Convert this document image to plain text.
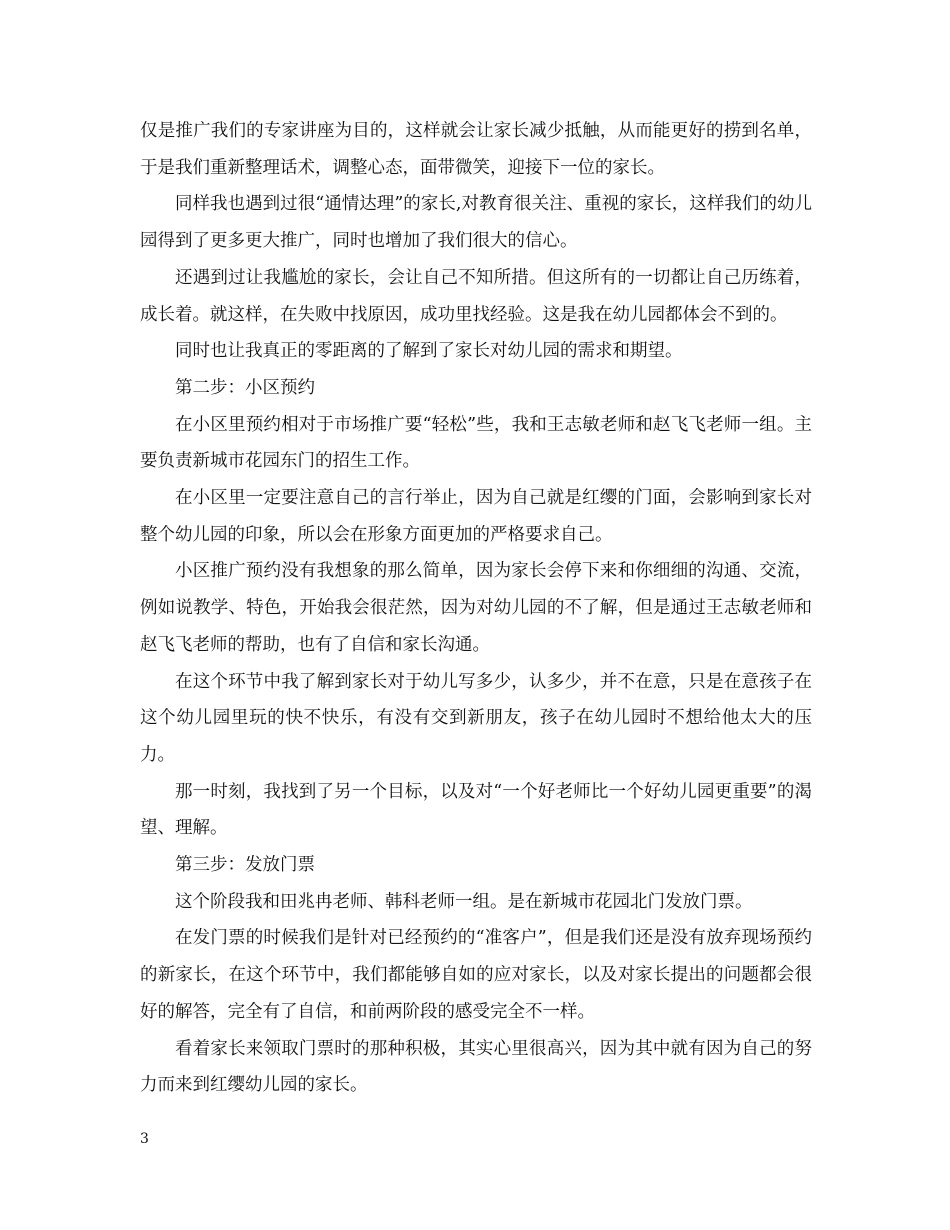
仅是推广我们的专家讲座为目的，这样就会让家长减少抵触，从而能更好的捞到名单，于是我们重新整理话术，调整心态，面带微笑，迎接下一位的家长。

同样我也遇到过很“通情达理”的家长,对教育很关注、重视的家长，这样我们的幼儿园得到了更多更大推广，同时也增加了我们很大的信心。

还遇到过让我尴尬的家长，会让自己不知所措。但这所有的一切都让自己历练着，成长着。就这样，在失败中找原因，成功里找经验。这是我在幼儿园都体会不到的。

同时也让我真正的零距离的了解到了家长对幼儿园的需求和期望。

第二步：小区预约

在小区里预约相对于市场推广要“轻松”些，我和王志敏老师和赵飞飞老师一组。主要负责新城市花园东门的招生工作。

在小区里一定要注意自己的言行举止，因为自己就是红缨的门面，会影响到家长对整个幼儿园的印象，所以会在形象方面更加的严格要求自己。

小区推广预约没有我想象的那么简单，因为家长会停下来和你细细的沟通、交流，例如说教学、特色，开始我会很茫然，因为对幼儿园的不了解，但是通过王志敏老师和赵飞飞老师的帮助，也有了自信和家长沟通。

在这个环节中我了解到家长对于幼儿写多少，认多少，并不在意，只是在意孩子在这个幼儿园里玩的快不快乐，有没有交到新朋友，孩子在幼儿园时不想给他太大的压力。

那一时刻，我找到了另一个目标，以及对“一个好老师比一个好幼儿园更重要”的渴望、理解。

第三步：发放门票

这个阶段我和田兆冉老师、韩科老师一组。是在新城市花园北门发放门票。

在发门票的时候我们是针对已经预约的“准客户”，但是我们还是没有放弃现场预约的新家长，在这个环节中，我们都能够自如的应对家长，以及对家长提出的问题都会很好的解答，完全有了自信，和前两阶段的感受完全不一样。

看着家长来领取门票时的那种积极，其实心里很高兴，因为其中就有因为自己的努力而来到红缨幼儿园的家长。

3
